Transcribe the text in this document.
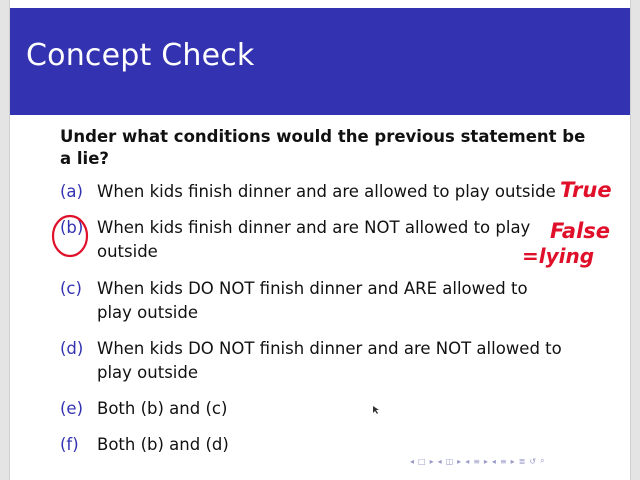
Concept Check
Under what conditions would the previous statement be a lie?
(a) When kids finish dinner and are allowed to play outside
(b) When kids finish dinner and are NOT allowed to play outside
(c) When kids DO NOT finish dinner and ARE allowed to play outside
(d) When kids DO NOT finish dinner and are NOT allowed to play outside
(e) Both (b) and (c)
(f) Both (b) and (d)
True
False
=lying
◂ □ ▸ ◂ ◫ ▸ ◂ ≡ ▸ ◂ ≡ ▸ ≣ ↺ ⌕
